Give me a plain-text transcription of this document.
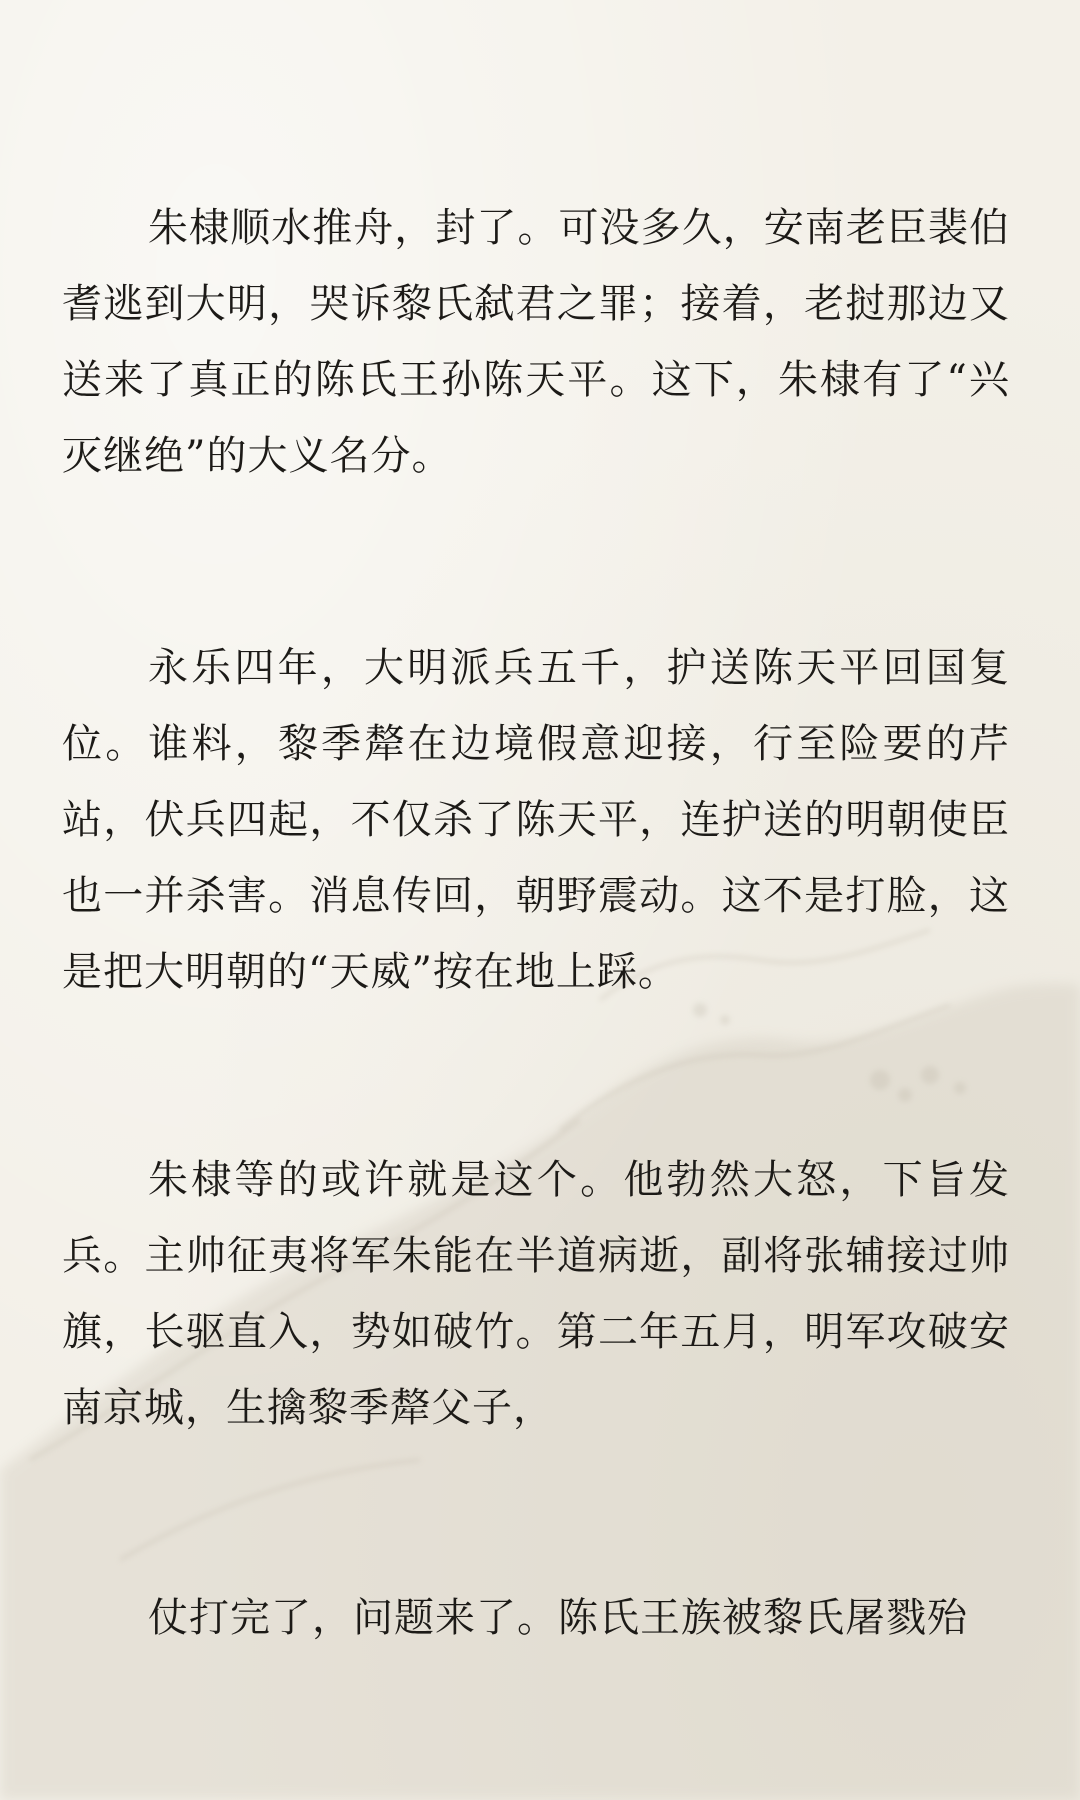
朱棣顺水推舟，封了。可没多久，安南老臣裴伯耆逃到大明，哭诉黎氏弑君之罪；接着，老挝那边又送来了真正的陈氏王孙陈天平。这下，朱棣有了“兴灭继绝”的大义名分。

永乐四年，大明派兵五千，护送陈天平回国复位。谁料，黎季犛在边境假意迎接，行至险要的芹站，伏兵四起，不仅杀了陈天平，连护送的明朝使臣也一并杀害。消息传回，朝野震动。这不是打脸，这是把大明朝的“天威”按在地上踩。

朱棣等的或许就是这个。他勃然大怒，下旨发兵。主帅征夷将军朱能在半道病逝，副将张辅接过帅旗，长驱直入，势如破竹。第二年五月，明军攻破安南京城，生擒黎季犛父子，

仗打完了，问题来了。陈氏王族被黎氏屠戮殆
